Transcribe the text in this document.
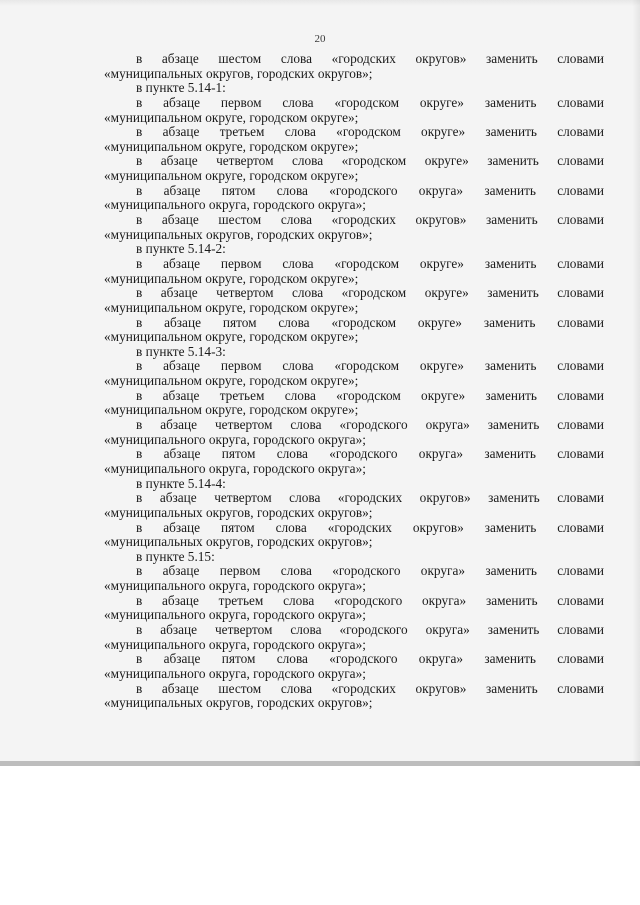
20
в абзаце шестом слова «городских округов» заменить словами
«муниципальных округов, городских округов»;
в пункте 5.14-1:
в абзаце первом слова «городском округе» заменить словами
«муниципальном округе, городском округе»;
в абзаце третьем слова «городском округе» заменить словами
«муниципальном округе, городском округе»;
в абзаце четвертом слова «городском округе» заменить словами
«муниципальном округе, городском округе»;
в абзаце пятом слова «городского округа» заменить словами
«муниципального округа, городского округа»;
в абзаце шестом слова «городских округов» заменить словами
«муниципальных округов, городских округов»;
в пункте 5.14-2:
в абзаце первом слова «городском округе» заменить словами
«муниципальном округе, городском округе»;
в абзаце четвертом слова «городском округе» заменить словами
«муниципальном округе, городском округе»;
в абзаце пятом слова «городском округе» заменить словами
«муниципальном округе, городском округе»;
в пункте 5.14-3:
в абзаце первом слова «городском округе» заменить словами
«муниципальном округе, городском округе»;
в абзаце третьем слова «городском округе» заменить словами
«муниципальном округе, городском округе»;
в абзаце четвертом слова «городского округа» заменить словами
«муниципального округа, городского округа»;
в абзаце пятом слова «городского округа» заменить словами
«муниципального округа, городского округа»;
в пункте 5.14-4:
в абзаце четвертом слова «городских округов» заменить словами
«муниципальных округов, городских округов»;
в абзаце пятом слова «городских округов» заменить словами
«муниципальных округов, городских округов»;
в пункте 5.15:
в абзаце первом слова «городского округа» заменить словами
«муниципального округа, городского округа»;
в абзаце третьем слова «городского округа» заменить словами
«муниципального округа, городского округа»;
в абзаце четвертом слова «городского округа» заменить словами
«муниципального округа, городского округа»;
в абзаце пятом слова «городского округа» заменить словами
«муниципального округа, городского округа»;
в абзаце шестом слова «городских округов» заменить словами
«муниципальных округов, городских округов»;
